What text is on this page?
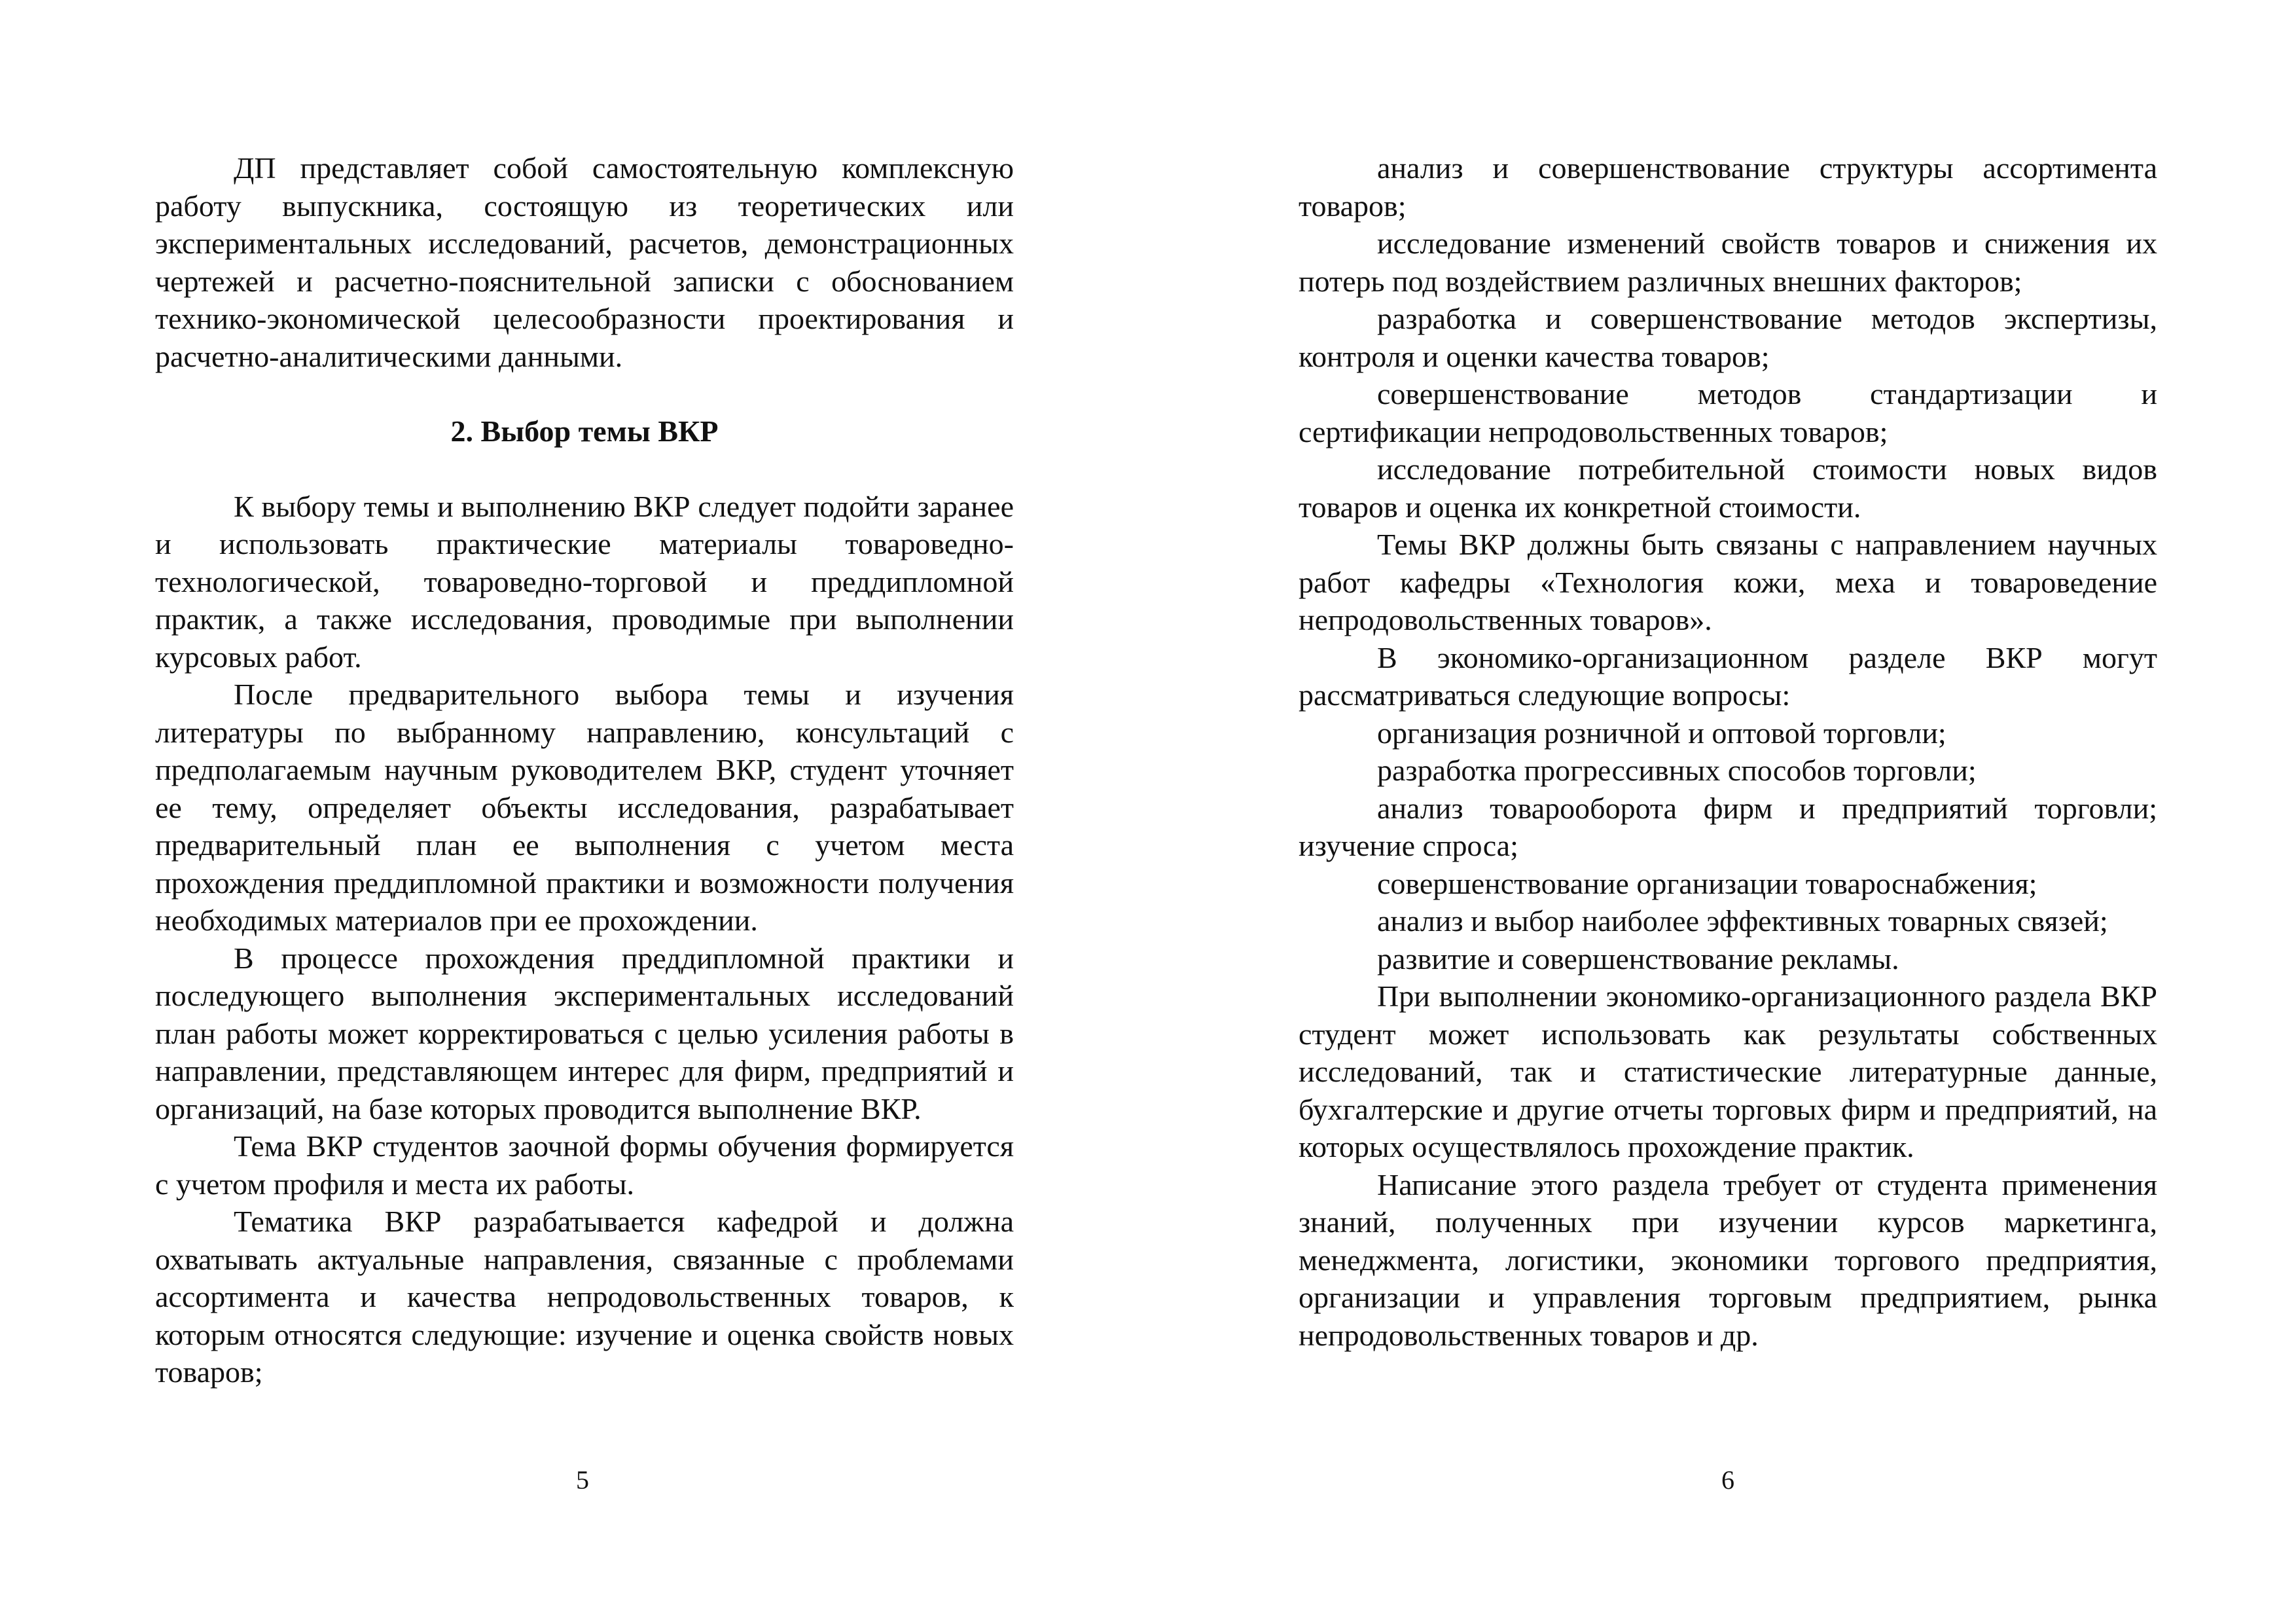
ДП представляет собой самостоятельную комплексную работу выпускника, состоящую из теоретических или экспериментальных исследований, расчетов, демонстрационных чертежей и расчетно-пояснительной записки с обоснованием технико-экономической целесообразности проектирования и расчетно-аналитическими данными.

2. Выбор темы ВКР

К выбору темы и выполнению ВКР следует подойти заранее и использовать практические материалы товароведно-технологической, товароведно-торговой и преддипломной практик, а также исследования, проводимые при выполнении курсовых работ.

После предварительного выбора темы и изучения литературы по выбранному направлению, консультаций с предполагаемым научным руководителем ВКР, студент уточняет ее тему, определяет объекты исследования, разрабатывает предварительный план ее выполнения с учетом места прохождения преддипломной практики и возможности получения необходимых материалов при ее прохождении.

В процессе прохождения преддипломной практики и последующего выполнения экспериментальных исследований план работы может корректироваться с целью усиления работы в направлении, представляющем интерес для фирм, предприятий и организаций, на базе которых проводится выполнение ВКР.

Тема ВКР студентов заочной формы обучения формируется с учетом профиля и места их работы.

Тематика ВКР разрабатывается кафедрой и должна охватывать актуальные направления, связанные с проблемами ассортимента и качества непродовольственных товаров, к которым относятся следующие: изучение и оценка свойств новых товаров;

анализ и совершенствование структуры ассортимента товаров;

исследование изменений свойств товаров и снижения их потерь под воздействием различных внешних факторов;

разработка и совершенствование методов экспертизы, контроля и оценки качества товаров;

совершенствование методов стандартизации и сертификации непродовольственных товаров;

исследование потребительной стоимости новых видов товаров и оценка их конкретной стоимости.

Темы ВКР должны быть связаны с направлением научных работ кафедры «Технология кожи, меха и товароведение непродовольственных товаров».

В экономико-организационном разделе ВКР могут рассматриваться следующие вопросы:

организация розничной и оптовой торговли;

разработка прогрессивных способов торговли;

анализ товарооборота фирм и предприятий торговли; изучение спроса;

совершенствование организации товароснабжения;

анализ и выбор наиболее эффективных товарных связей;

развитие и совершенствование рекламы.

При выполнении экономико-организационного раздела ВКР студент может использовать как результаты собственных исследований, так и статистические литературные данные, бухгалтерские и другие отчеты торговых фирм и предприятий, на которых осуществлялось прохождение практик.

Написание этого раздела требует от студента применения знаний, полученных при изучении курсов маркетинга, менеджмента, логистики, экономики торгового предприятия, организации и управления торговым предприятием, рынка непродовольственных товаров и др.

5	6
